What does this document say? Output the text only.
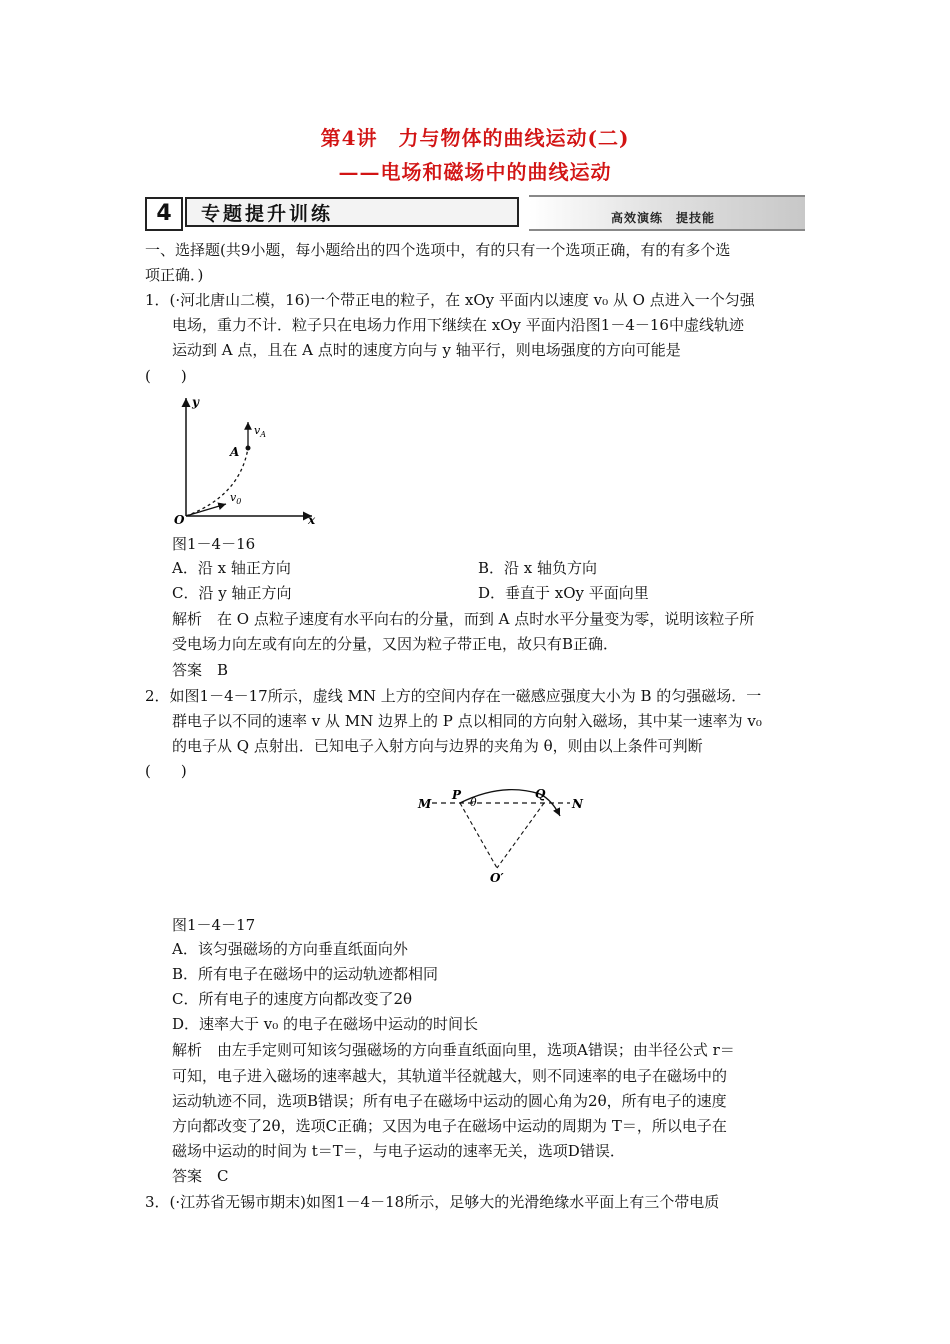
第4讲　力与物体的曲线运动(二)
——电场和磁场中的曲线运动
4	专题提升训练	高效演练　提技能
一、选择题(共9小题，每小题给出的四个选项中，有的只有一个选项正确，有的有多个选
项正确．)
1．(·河北唐山二模，16)一个带正电的粒子，在 xOy 平面内以速度 v₀ 从 O 点进入一个匀强
电场，重力不计．粒子只在电场力作用下继续在 xOy 平面内沿图1－4－16中虚线轨迹
运动到 A 点，且在 A 点时的速度方向与 y 轴平行，则电场强度的方向可能是
(　　)
y
x
O
A
$v_A$
$v_0$
图1－4－16
A．沿 x 轴正方向	B．沿 x 轴负方向
C．沿 y 轴正方向	D．垂直于 xOy 平面向里
解析　在 O 点粒子速度有水平向右的分量，而到 A 点时水平分量变为零，说明该粒子所
受电场力向左或有向左的分量，又因为粒子带正电，故只有B正确．
答案　B
2．如图1－4－17所示，虚线 MN 上方的空间内存在一磁感应强度大小为 B 的匀强磁场．一
群电子以不同的速率 v 从 MN 边界上的 P 点以相同的方向射入磁场，其中某一速率为 v₀
的电子从 Q 点射出．已知电子入射方向与边界的夹角为 θ，则由以上条件可判断
(　　)
M
P
θ
Q
N
O′
图1－4－17
A．该匀强磁场的方向垂直纸面向外
B．所有电子在磁场中的运动轨迹都相同
C．所有电子的速度方向都改变了2θ
D．速率大于 v₀ 的电子在磁场中运动的时间长
解析　由左手定则可知该匀强磁场的方向垂直纸面向里，选项A错误；由半径公式 r＝
可知，电子进入磁场的速率越大，其轨道半径就越大，则不同速率的电子在磁场中的
运动轨迹不同，选项B错误；所有电子在磁场中运动的圆心角为2θ，所有电子的速度
方向都改变了2θ，选项C正确；又因为电子在磁场中运动的周期为 T＝，所以电子在
磁场中运动的时间为 t＝T＝，与电子运动的速率无关，选项D错误．
答案　C
3．(·江苏省无锡市期末)如图1－4－18所示，足够大的光滑绝缘水平面上有三个带电质
